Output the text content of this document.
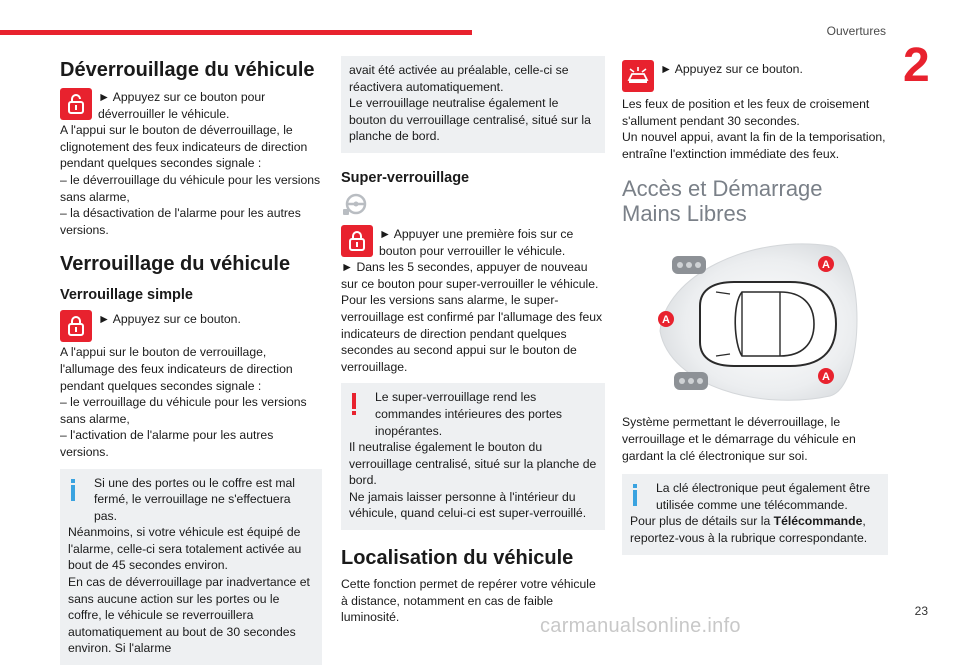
Ouvertures
2
Déverrouillage du véhicule
► Appuyez sur ce bouton pour déverrouiller le véhicule.

A l'appui sur le bouton de déverrouillage, le clignotement des feux indicateurs de direction pendant quelques secondes signale :

– le déverrouillage du véhicule pour les versions sans alarme,

– la désactivation de l'alarme pour les autres versions.

Verrouillage du véhicule
Verrouillage simple
► Appuyez sur ce bouton.

A l'appui sur le bouton de verrouillage, l'allumage des feux indicateurs de direction pendant quelques secondes signale :

– le verrouillage du véhicule pour les versions sans alarme,

– l'activation de l'alarme pour les autres versions.

Si une des portes ou le coffre est mal fermé, le verrouillage ne s'effectuera pas.

Néanmoins, si votre véhicule est équipé de l'alarme, celle-ci sera totalement activée au bout de 45 secondes environ.

En cas de déverrouillage par inadvertance et sans aucune action sur les portes ou le coffre, le véhicule se reverrouillera automatiquement au bout de 30 secondes environ. Si l'alarme

avait été activée au préalable, celle-ci se réactivera automatiquement.

Le verrouillage neutralise également le bouton du verrouillage centralisé, situé sur la planche de bord.

Super-verrouillage
► Appuyer une première fois sur ce bouton pour verrouiller le véhicule.

► Dans les 5 secondes, appuyer de nouveau sur ce bouton pour super-verrouiller le véhicule.

Pour les versions sans alarme, le super-verrouillage est confirmé par l'allumage des feux indicateurs de direction pendant quelques secondes au second appui sur le bouton de verrouillage.

Le super-verrouillage rend les commandes intérieures des portes inopérantes.

Il neutralise également le bouton du verrouillage centralisé, situé sur la planche de bord.

Ne jamais laisser personne à l'intérieur du véhicule, quand celui-ci est super-verrouillé.

Localisation du véhicule

Cette fonction permet de repérer votre véhicule à distance, notamment en cas de faible luminosité.

► Appuyez sur ce bouton.

Les feux de position et les feux de croisement s'allument pendant 30 secondes.

Un nouvel appui, avant la fin de la temporisation, entraîne l'extinction immédiate des feux.

Accès et Démarrage
Mains Libres
A
A
A

Système permettant le déverrouillage, le verrouillage et le démarrage du véhicule en gardant la clé électronique sur soi.

La clé électronique peut également être utilisée comme une télécommande.

Pour plus de détails sur la Télécommande,

reportez-vous à la rubrique correspondante.

carmanualsonline.info
23
